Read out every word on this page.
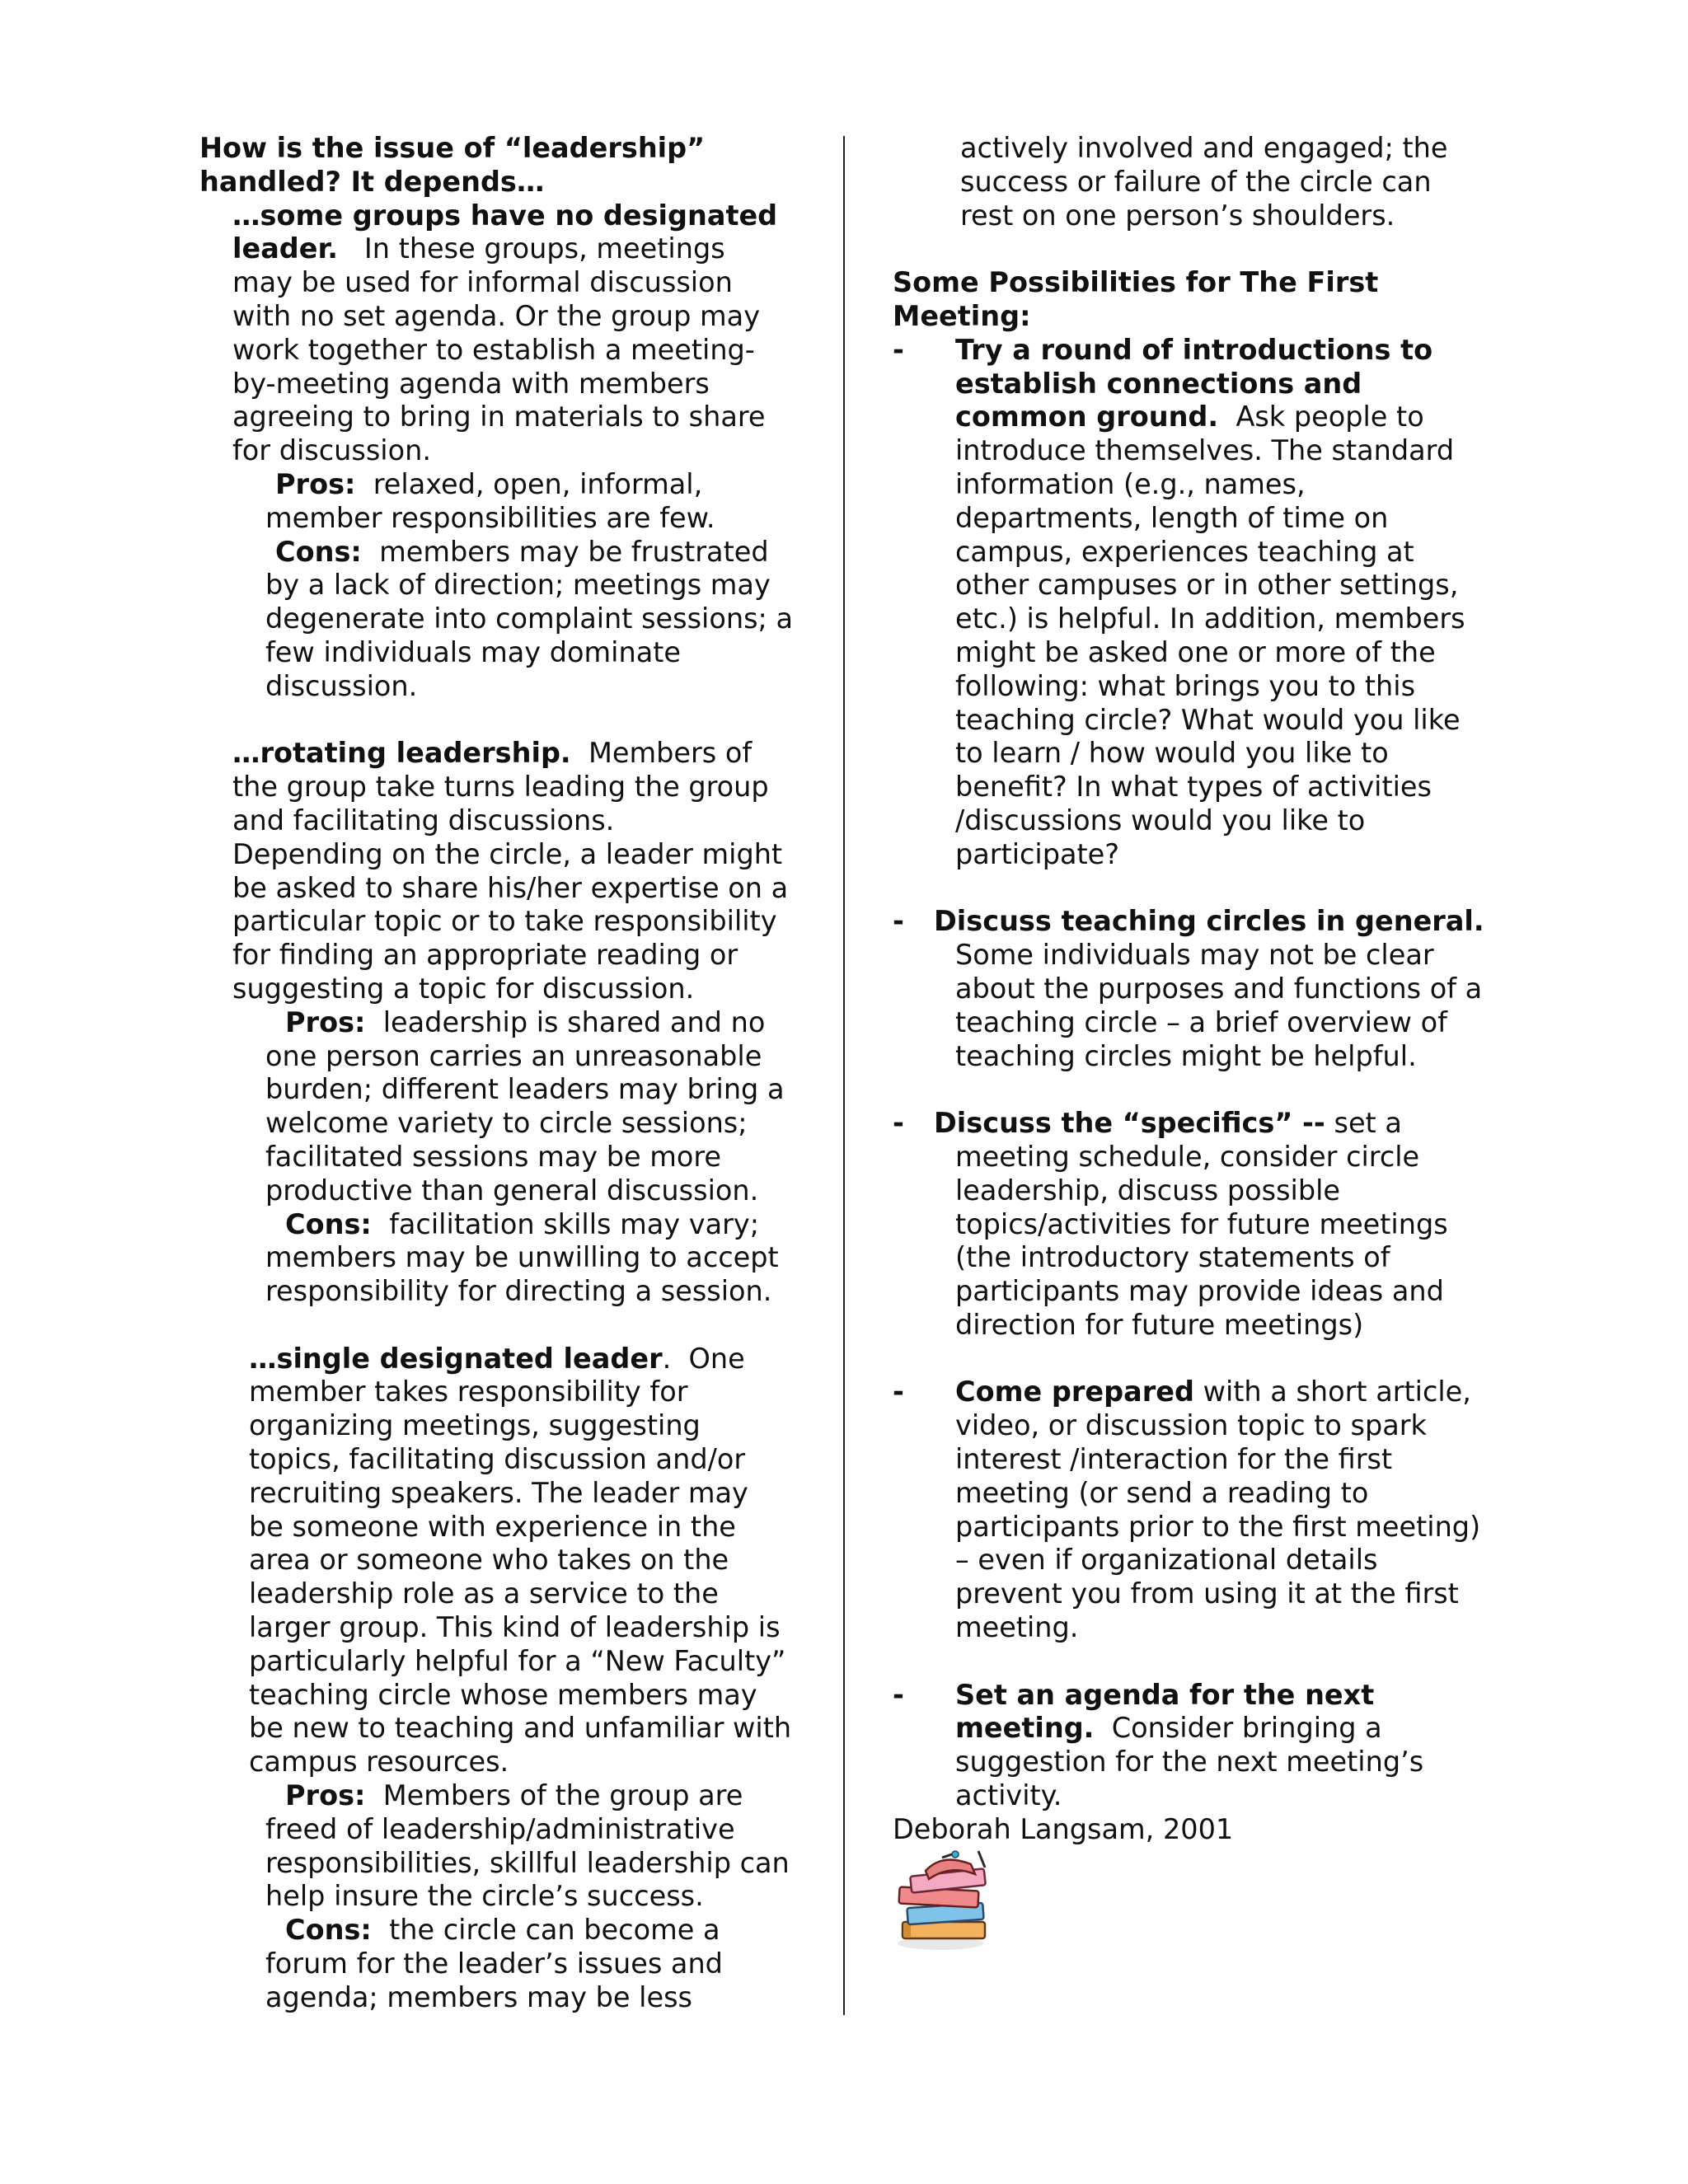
How is the issue of “leadership”
handled? It depends…
…some groups have no designated
leader.   In these groups, meetings
may be used for informal discussion
with no set agenda. Or the group may
work together to establish a meeting-
by-meeting agenda with members
agreeing to bring in materials to share
for discussion.
Pros:  relaxed, open, informal,
member responsibilities are few.
Cons:  members may be frustrated
by a lack of direction; meetings may
degenerate into complaint sessions; a
few individuals may dominate
discussion.
…rotating leadership.  Members of
the group take turns leading the group
and facilitating discussions.
Depending on the circle, a leader might
be asked to share his/her expertise on a
particular topic or to take responsibility
for finding an appropriate reading or
suggesting a topic for discussion.
Pros:  leadership is shared and no
one person carries an unreasonable
burden; different leaders may bring a
welcome variety to circle sessions;
facilitated sessions may be more
productive than general discussion.
Cons:  facilitation skills may vary;
members may be unwilling to accept
responsibility for directing a session.
…single designated leader.  One
member takes responsibility for
organizing meetings, suggesting
topics, facilitating discussion and/or
recruiting speakers. The leader may
be someone with experience in the
area or someone who takes on the
leadership role as a service to the
larger group. This kind of leadership is
particularly helpful for a “New Faculty”
teaching circle whose members may
be new to teaching and unfamiliar with
campus resources.
Pros:  Members of the group are
freed of leadership/administrative
responsibilities, skillful leadership can
help insure the circle’s success.
Cons:  the circle can become a
forum for the leader’s issues and
agenda; members may be less
actively involved and engaged; the
success or failure of the circle can
rest on one person’s shoulders.
Some Possibilities for The First
Meeting:
- Try a round of introductions to
establish connections and
common ground.  Ask people to
introduce themselves. The standard
information (e.g., names,
departments, length of time on
campus, experiences teaching at
other campuses or in other settings,
etc.) is helpful. In addition, members
might be asked one or more of the
following: what brings you to this
teaching circle? What would you like
to learn / how would you like to
benefit? In what types of activities
/discussions would you like to
participate?
- Discuss teaching circles in general.
Some individuals may not be clear
about the purposes and functions of a
teaching circle – a brief overview of
teaching circles might be helpful.
- Discuss the “specifics” -- set a
meeting schedule, consider circle
leadership, discuss possible
topics/activities for future meetings
(the introductory statements of
participants may provide ideas and
direction for future meetings)
- Come prepared with a short article,
video, or discussion topic to spark
interest /interaction for the first
meeting (or send a reading to
participants prior to the first meeting)
– even if organizational details
prevent you from using it at the first
meeting.
- Set an agenda for the next
meeting.  Consider bringing a
suggestion for the next meeting’s
activity.
Deborah Langsam, 2001
